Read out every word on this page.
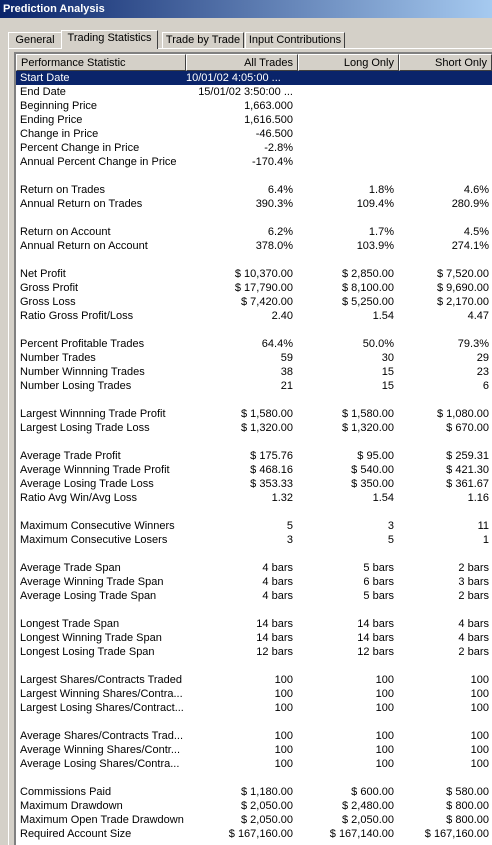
Prediction Analysis
General	Trading Statistics	Trade by Trade Input Contributions
Performance Statistic	All Trades	Long Only	Short Only
Start Date	10/01/02 4:05:00 ...
End Date	15/01/02 3:50:00 ...
Beginning Price	1,663.000
Ending Price	1,616.500
Change in Price	-46.500
Percent Change in Price	-2.8%
Annual Percent Change in Price	-170.4%
Return on Trades	6.4%	1.8%	4.6%
Annual Return on Trades	390.3%	109.4%	280.9%
Return on Account	6.2%	1.7%	4.5%
Annual Return on Account	378.0%	103.9%	274.1%
Net Profit	$ 10,370.00	$ 2,850.00	$ 7,520.00
Gross Profit	$ 17,790.00	$ 8,100.00	$ 9,690.00
Gross Loss	$ 7,420.00	$ 5,250.00	$ 2,170.00
Ratio Gross Profit/Loss	2.40	1.54	4.47
Percent Profitable Trades	64.4%	50.0%	79.3%
Number Trades	59	30	29
Number Winnning Trades	38	15	23
Number Losing Trades	21	15	6
Largest Winnning Trade Profit	$ 1,580.00	$ 1,580.00	$ 1,080.00
Largest Losing Trade Loss	$ 1,320.00	$ 1,320.00	$ 670.00
Average Trade Profit	$ 175.76	$ 95.00	$ 259.31
Average Winnning Trade Profit	$ 468.16	$ 540.00	$ 421.30
Average Losing Trade Loss	$ 353.33	$ 350.00	$ 361.67
Ratio Avg Win/Avg Loss	1.32	1.54	1.16
Maximum Consecutive Winners	5	3	11
Maximum Consecutive Losers	3	5	1
Average Trade Span	4 bars	5 bars	2 bars
Average Winning Trade Span	4 bars	6 bars	3 bars
Average Losing Trade Span	4 bars	5 bars	2 bars
Longest Trade Span	14 bars	14 bars	4 bars
Longest Winning Trade Span	14 bars	14 bars	4 bars
Longest Losing Trade Span	12 bars	12 bars	2 bars
Largest Shares/Contracts Traded	100	100	100
Largest Winning Shares/Contra...	100	100	100
Largest Losing Shares/Contract...	100	100	100
Average Shares/Contracts Trad...	100	100	100
Average Winning Shares/Contr...	100	100	100
Average Losing Shares/Contra...	100	100	100
Commissions Paid	$ 1,180.00	$ 600.00	$ 580.00
Maximum Drawdown	$ 2,050.00	$ 2,480.00	$ 800.00
Maximum Open Trade Drawdown	$ 2,050.00	$ 2,050.00	$ 800.00
Required Account Size	$ 167,160.00	$ 167,140.00	$ 167,160.00
